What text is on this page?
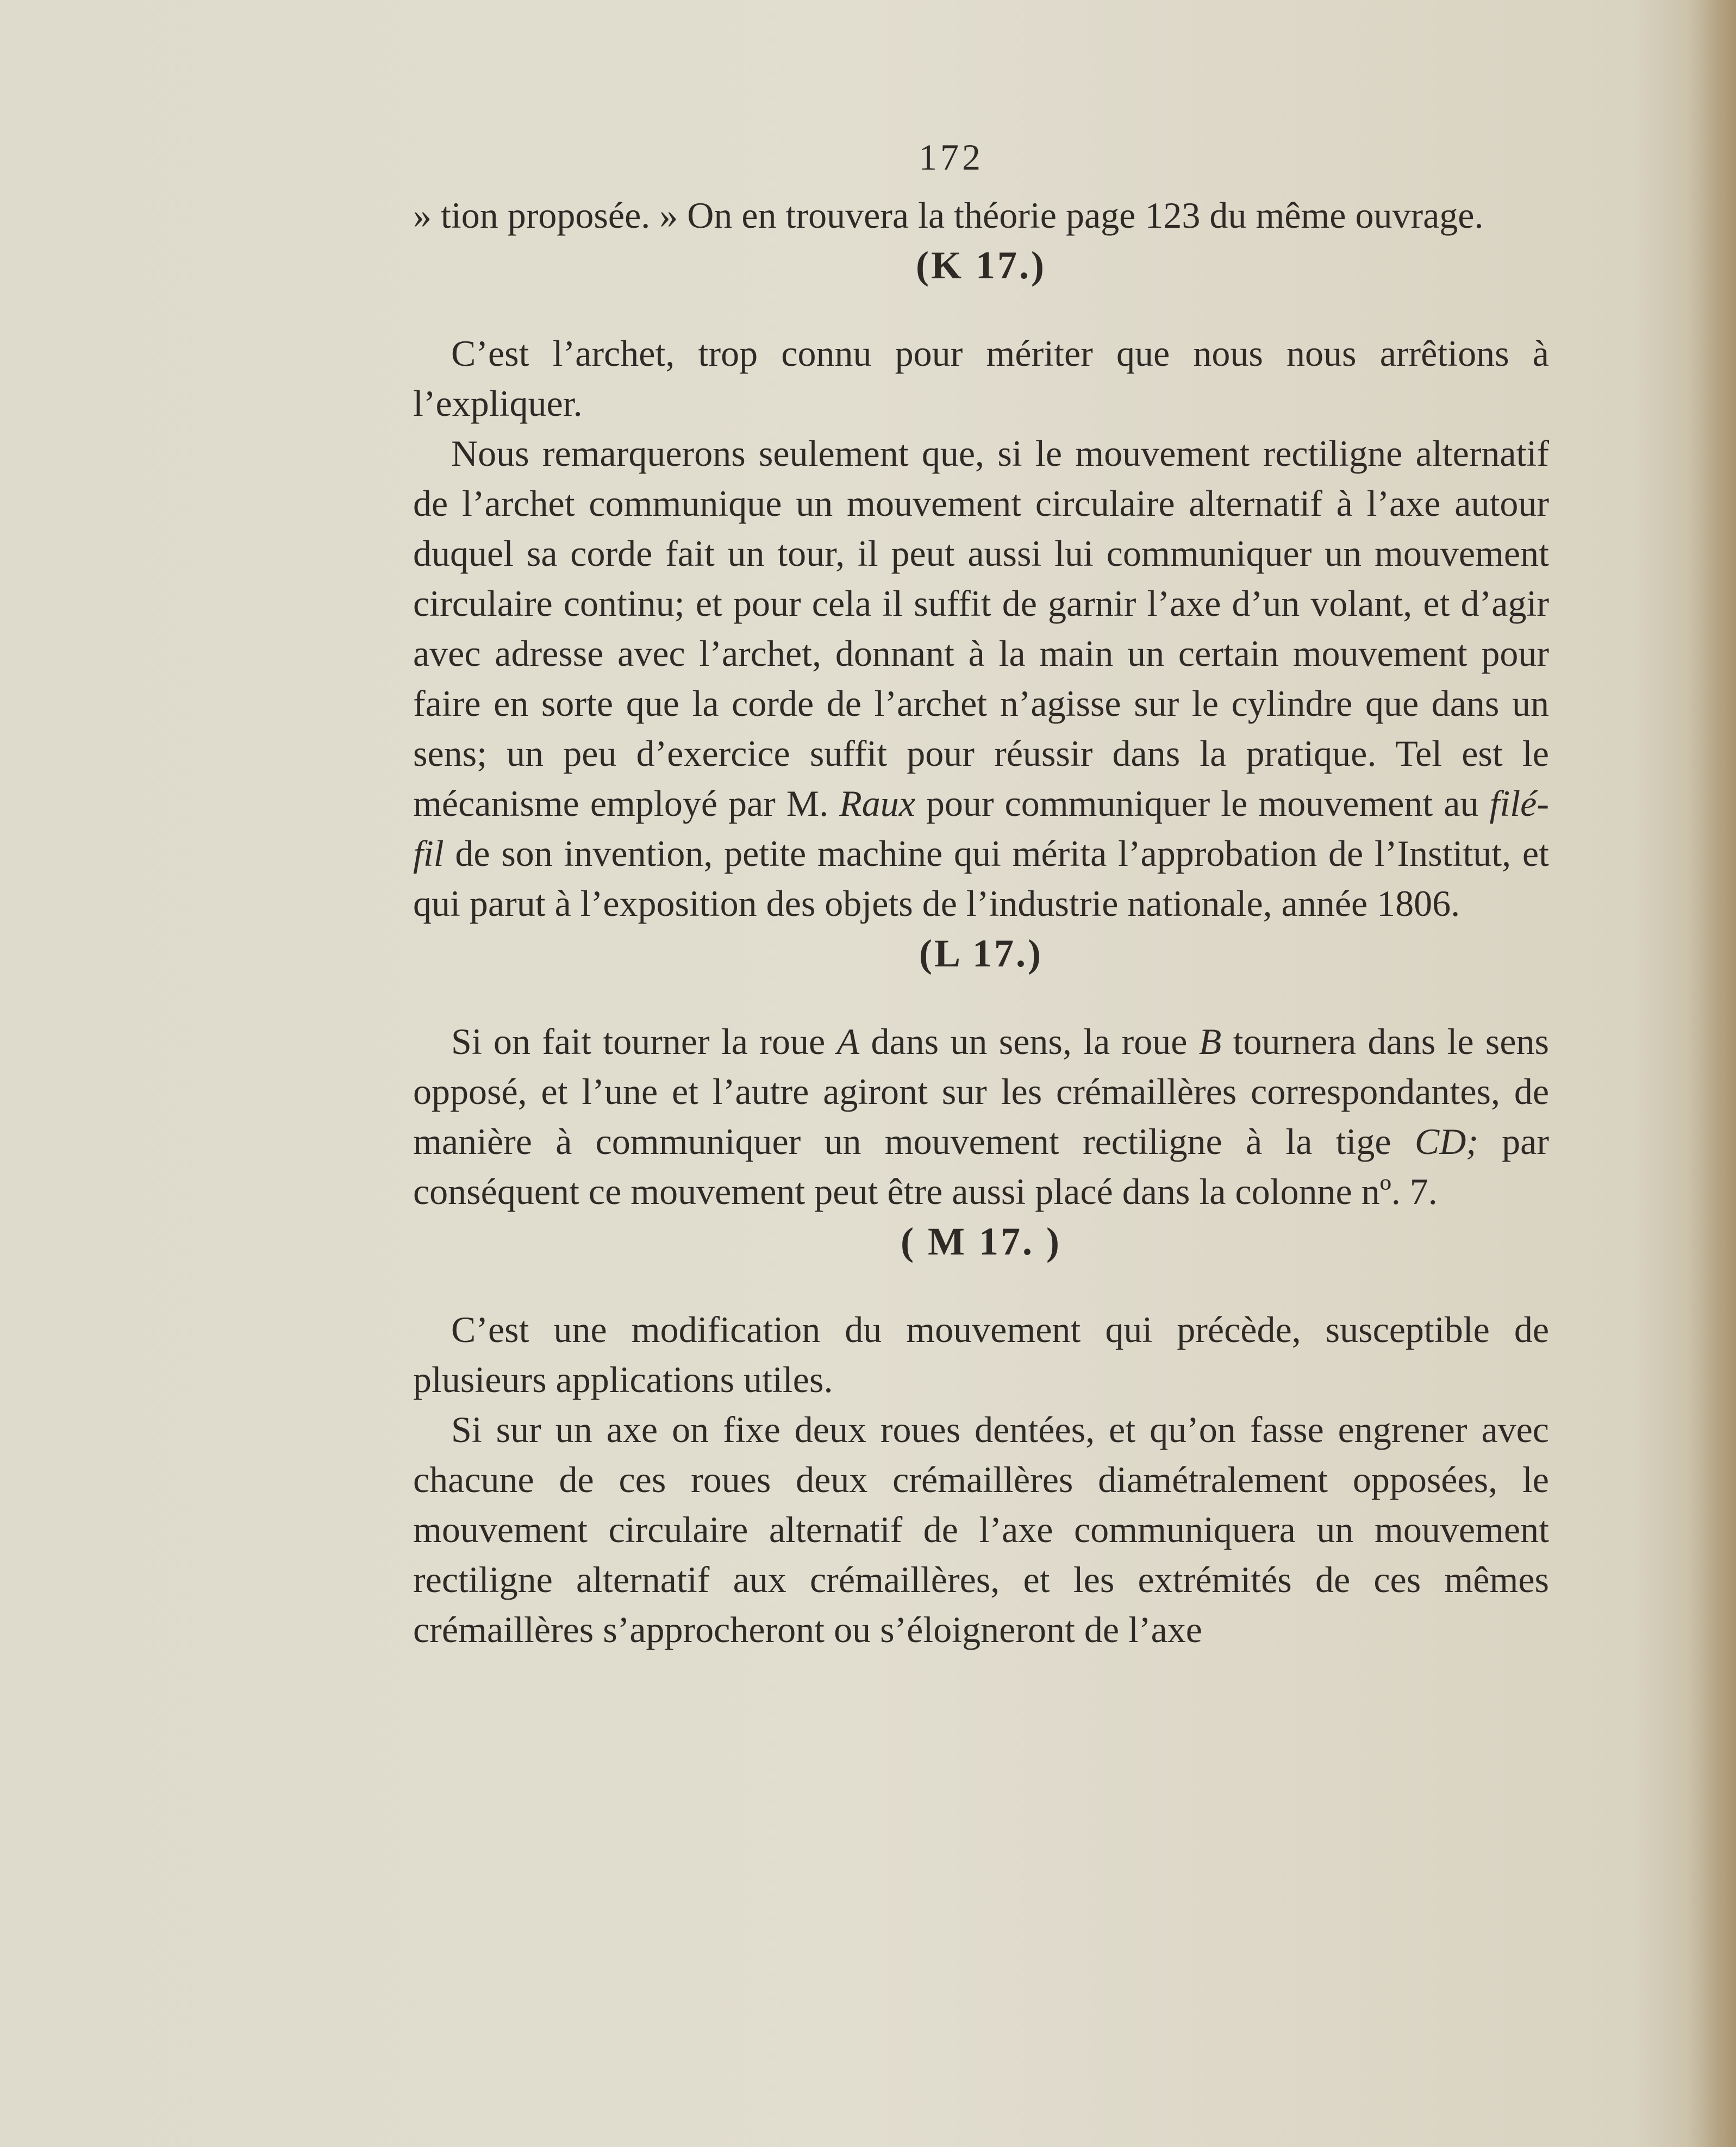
172

» tion proposée. » On en trouvera la théorie page 123 du même ouvrage.

(K 17.)

C’est l’archet, trop connu pour mériter que nous nous arrêtions à l’expliquer.

Nous remarquerons seulement que, si le mouvement rectiligne alternatif de l’archet communique un mouvement circulaire alternatif à l’axe autour duquel sa corde fait un tour, il peut aussi lui communiquer un mouvement circulaire continu; et pour cela il suffit de garnir l’axe d’un volant, et d’agir avec adresse avec l’archet, donnant à la main un certain mouvement pour faire en sorte que la corde de l’archet n’agisse sur le cylindre que dans un sens; un peu d’exercice suffit pour réussir dans la pratique. Tel est le mécanisme employé par M. Raux pour communiquer le mouvement au filé-fil de son invention, petite machine qui mérita l’approbation de l’Institut, et qui parut à l’exposition des objets de l’industrie nationale, année 1806.

(L 17.)

Si on fait tourner la roue A dans un sens, la roue B tournera dans le sens opposé, et l’une et l’autre agiront sur les crémaillères correspondantes, de manière à communiquer un mouvement rectiligne à la tige CD; par conséquent ce mouvement peut être aussi placé dans la colonne nº. 7.

( M 17. )

C’est une modification du mouvement qui précède, susceptible de plusieurs applications utiles.

Si sur un axe on fixe deux roues dentées, et qu’on fasse engrener avec chacune de ces roues deux crémaillères diamétralement opposées, le mouvement circulaire alternatif de l’axe communiquera un mouvement rectiligne alternatif aux crémaillères, et les extrémités de ces mêmes crémaillères s’approcheront ou s’éloigneront de l’axe
